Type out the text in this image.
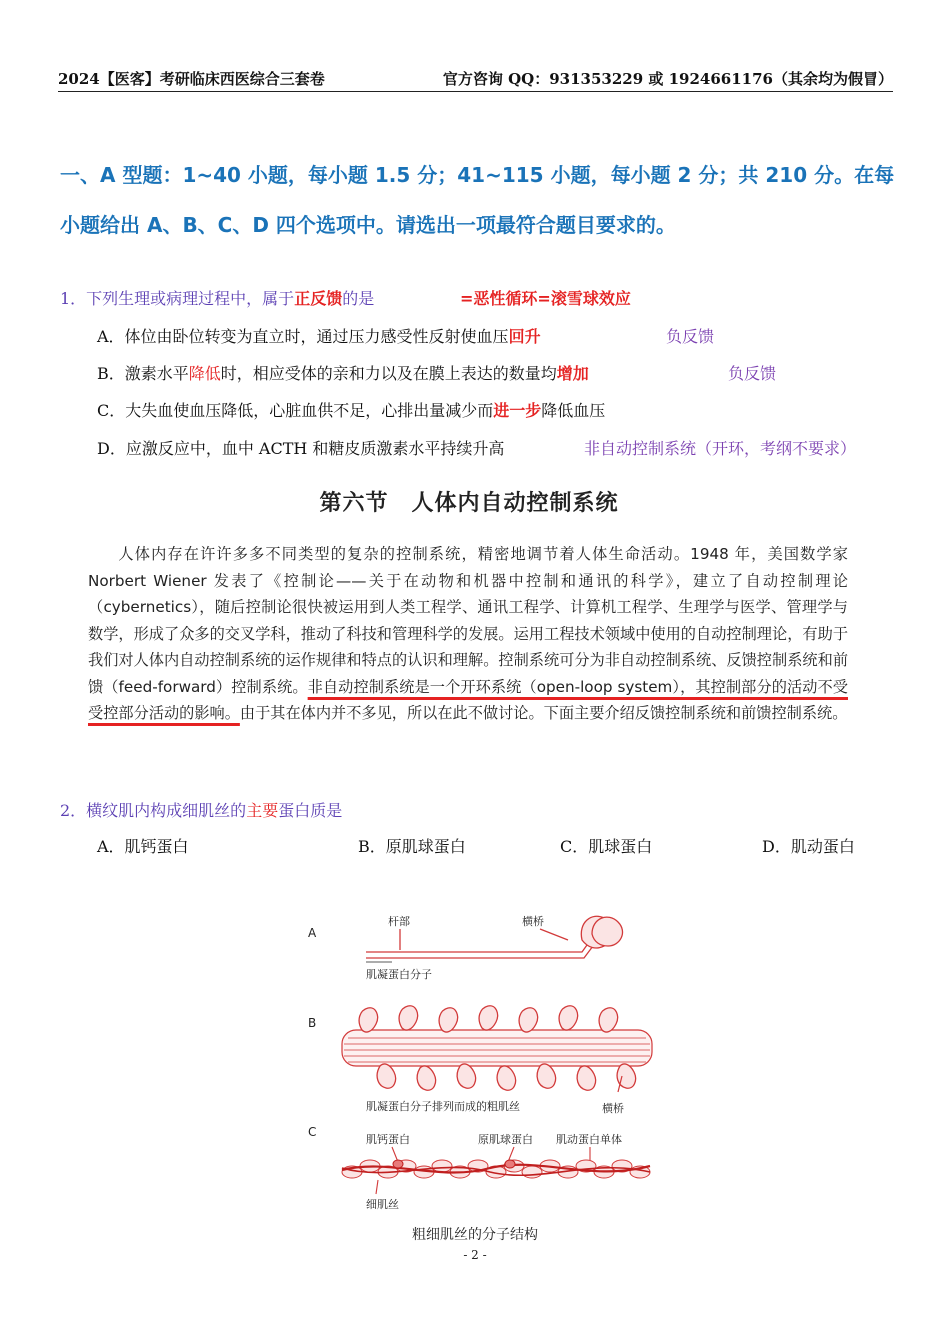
2024【医客】考研临床西医综合三套卷	官方咨询 QQ：931353229 或 1924661176（其余均为假冒）
一、A 型题：1~40 小题，每小题 1.5 分；41~115 小题，每小题 2 分；共 210 分。在每小题给出 A、B、C、D 四个选项中。请选出一项最符合题目要求的。
1．下列生理或病理过程中，属于正反馈的是	=恶性循环=滚雪球效应
A．体位由卧位转变为直立时，通过压力感受性反射使血压回升	负反馈
B．激素水平降低时，相应受体的亲和力以及在膜上表达的数量均增加	负反馈
C．大失血使血压降低，心脏血供不足，心排出量减少而进一步降低血压
D．应激反应中，血中 ACTH 和糖皮质激素水平持续升高	非自动控制系统（开环，考纲不要求）
第六节　人体内自动控制系统
人体内存在许许多多不同类型的复杂的控制系统，精密地调节着人体生命活动。1948 年，美国数学家 Norbert Wiener 发表了《控制论——关于在动物和机器中控制和通讯的科学》，建立了自动控制理论（cybernetics），随后控制论很快被运用到人类工程学、通讯工程学、计算机工程学、生理学与医学、管理学与数学，形成了众多的交叉学科，推动了科技和管理科学的发展。运用工程技术领域中使用的自动控制理论，有助于我们对人体内自动控制系统的运作规律和特点的认识和理解。控制系统可分为非自动控制系统、反馈控制系统和前馈（feed-forward）控制系统。非自动控制系统是一个开环系统（open-loop system），其控制部分的活动不受受控部分活动的影响。由于其在体内并不多见，所以在此不做讨论。下面主要介绍反馈控制系统和前馈控制系统。
2．横纹肌内构成细肌丝的主要蛋白质是
A．肌钙蛋白	B．原肌球蛋白	C．肌球蛋白	D．肌动蛋白
A
杆部	横桥
肌凝蛋白分子
B
肌凝蛋白分子排列而成的粗肌丝	横桥
C
肌钙蛋白	原肌球蛋白 肌动蛋白单体
细肌丝
粗细肌丝的分子结构
- 2 -
